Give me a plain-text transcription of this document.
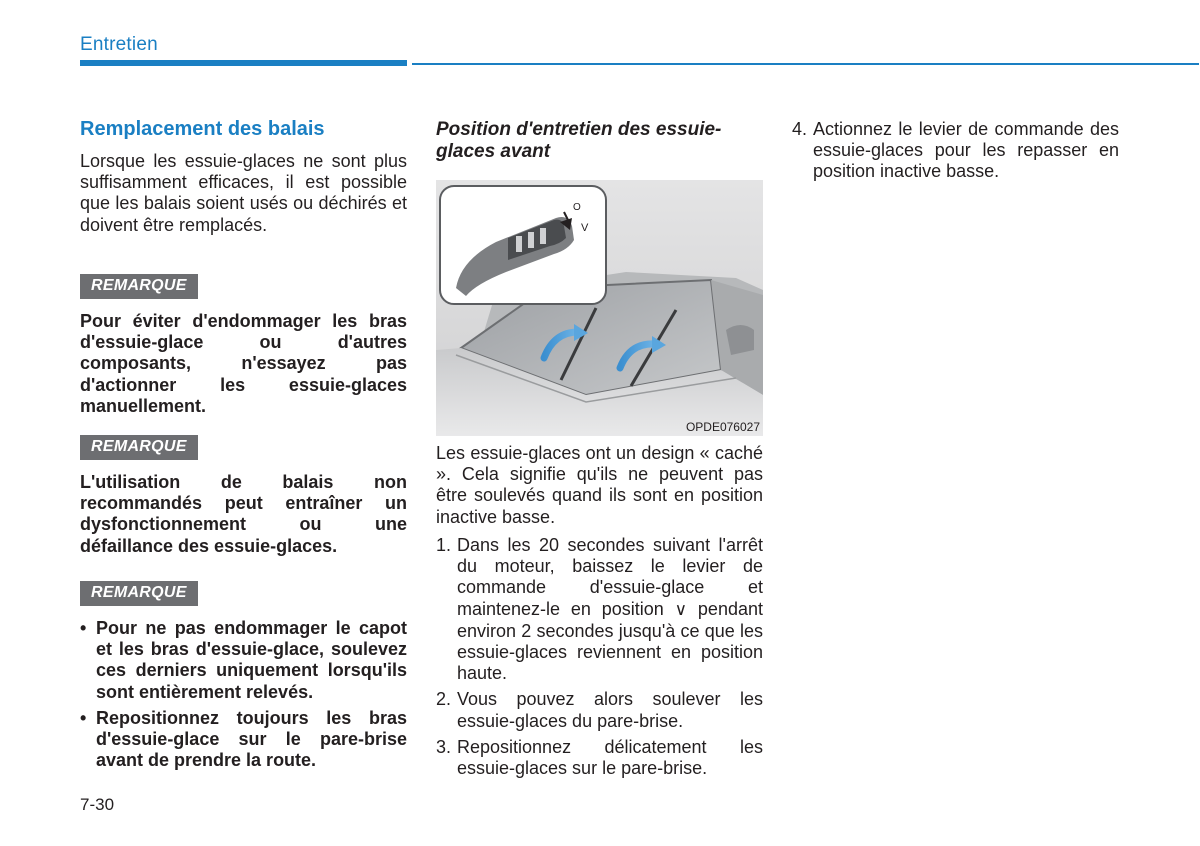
Entretien
Remplacement des balais

Lorsque les essuie-glaces ne sont plus suffisamment efficaces, il est possible que les balais soient usés ou déchirés et doivent être remplacés.

REMARQUE

Pour éviter d'endommager les bras d'essuie-glace ou d'autres composants, n'essayez pas d'actionner les essuie-glaces manuellement.

REMARQUE

L'utilisation de balais non recommandés peut entraîner un dysfonctionnement ou une défaillance des essuie-glaces.

REMARQUE
• Pour ne pas endommager le capot et les bras d'essuie-glace, soulevez ces derniers uniquement lorsqu'ils sont entièrement relevés.
• Repositionnez toujours les bras d'essuie-glace sur le pare-brise avant de prendre la route.
7-30

Position d'entretien des essuie-glaces avant

O
V
OPDE076027

Les essuie-glaces ont un design « caché ». Cela signifie qu'ils ne peuvent pas être soulevés quand ils sont en position inactive basse.

1. Dans les 20 secondes suivant l'arrêt du moteur, baissez le levier de commande d'essuie-glace et maintenez-le en position ∨ pendant environ 2 secondes jusqu'à ce que les essuie-glaces reviennent en position haute.
2. Vous pouvez alors soulever les essuie-glaces du pare-brise.
3. Repositionnez délicatement les essuie-glaces sur le pare-brise.
4. Actionnez le levier de commande des essuie-glaces pour les repasser en position inactive basse.
